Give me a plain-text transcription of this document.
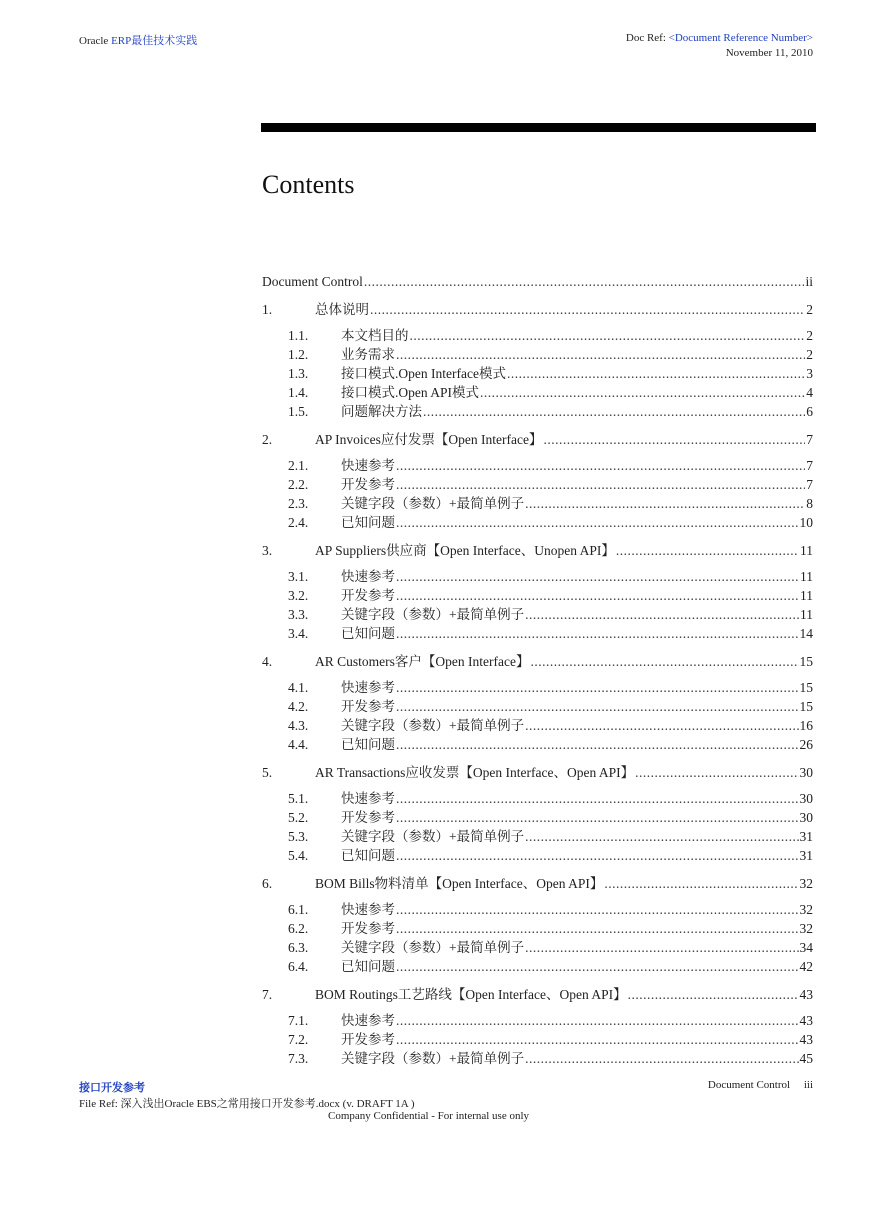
Oracle ERP最佳技术实践	Doc Ref: <Document Reference Number>
November 11, 2010
Contents
Document Control .....	ii
1.	总体说明 .....	2
1.1.	本文档目的 .....	2
1.2.	业务需求 .....	2
1.3.	接口模式.Open Interface模式 .....	3
1.4.	接口模式.Open API模式 .....	4
1.5.	问题解决方法 .....	6
2.	AP Invoices应付发票【Open Interface】 .....	7
2.1.	快速参考 .....	7
2.2.	开发参考 .....	7
2.3.	关键字段（参数）+最简单例子 .....	8
2.4.	已知问题 .....	10
3.	AP Suppliers供应商【Open Interface、Unopen API】 .....	11
3.1.	快速参考 .....	11
3.2.	开发参考 .....	11
3.3.	关键字段（参数）+最简单例子 .....	11
3.4.	已知问题 .....	14
4.	AR Customers客户【Open Interface】 .....	15
4.1.	快速参考 .....	15
4.2.	开发参考 .....	15
4.3.	关键字段（参数）+最简单例子 .....	16
4.4.	已知问题 .....	26
5.	AR Transactions应收发票【Open Interface、Open API】 .....	30
5.1.	快速参考 .....	30
5.2.	开发参考 .....	30
5.3.	关键字段（参数）+最简单例子 .....	31
5.4.	已知问题 .....	31
6.	BOM Bills物料清单【Open Interface、Open API】 .....	32
6.1.	快速参考 .....	32
6.2.	开发参考 .....	32
6.3.	关键字段（参数）+最简单例子 .....	34
6.4.	已知问题 .....	42
7.	BOM Routings工艺路线【Open Interface、Open API】 .....	43
7.1.	快速参考 .....	43
7.2.	开发参考 .....	43
7.3.	关键字段（参数）+最简单例子 .....	45
接口开发参考	Document Control iii
File Ref: 深入浅出Oracle EBS之常用接口开发参考.docx (v. DRAFT 1A )
Company Confidential - For internal use only
